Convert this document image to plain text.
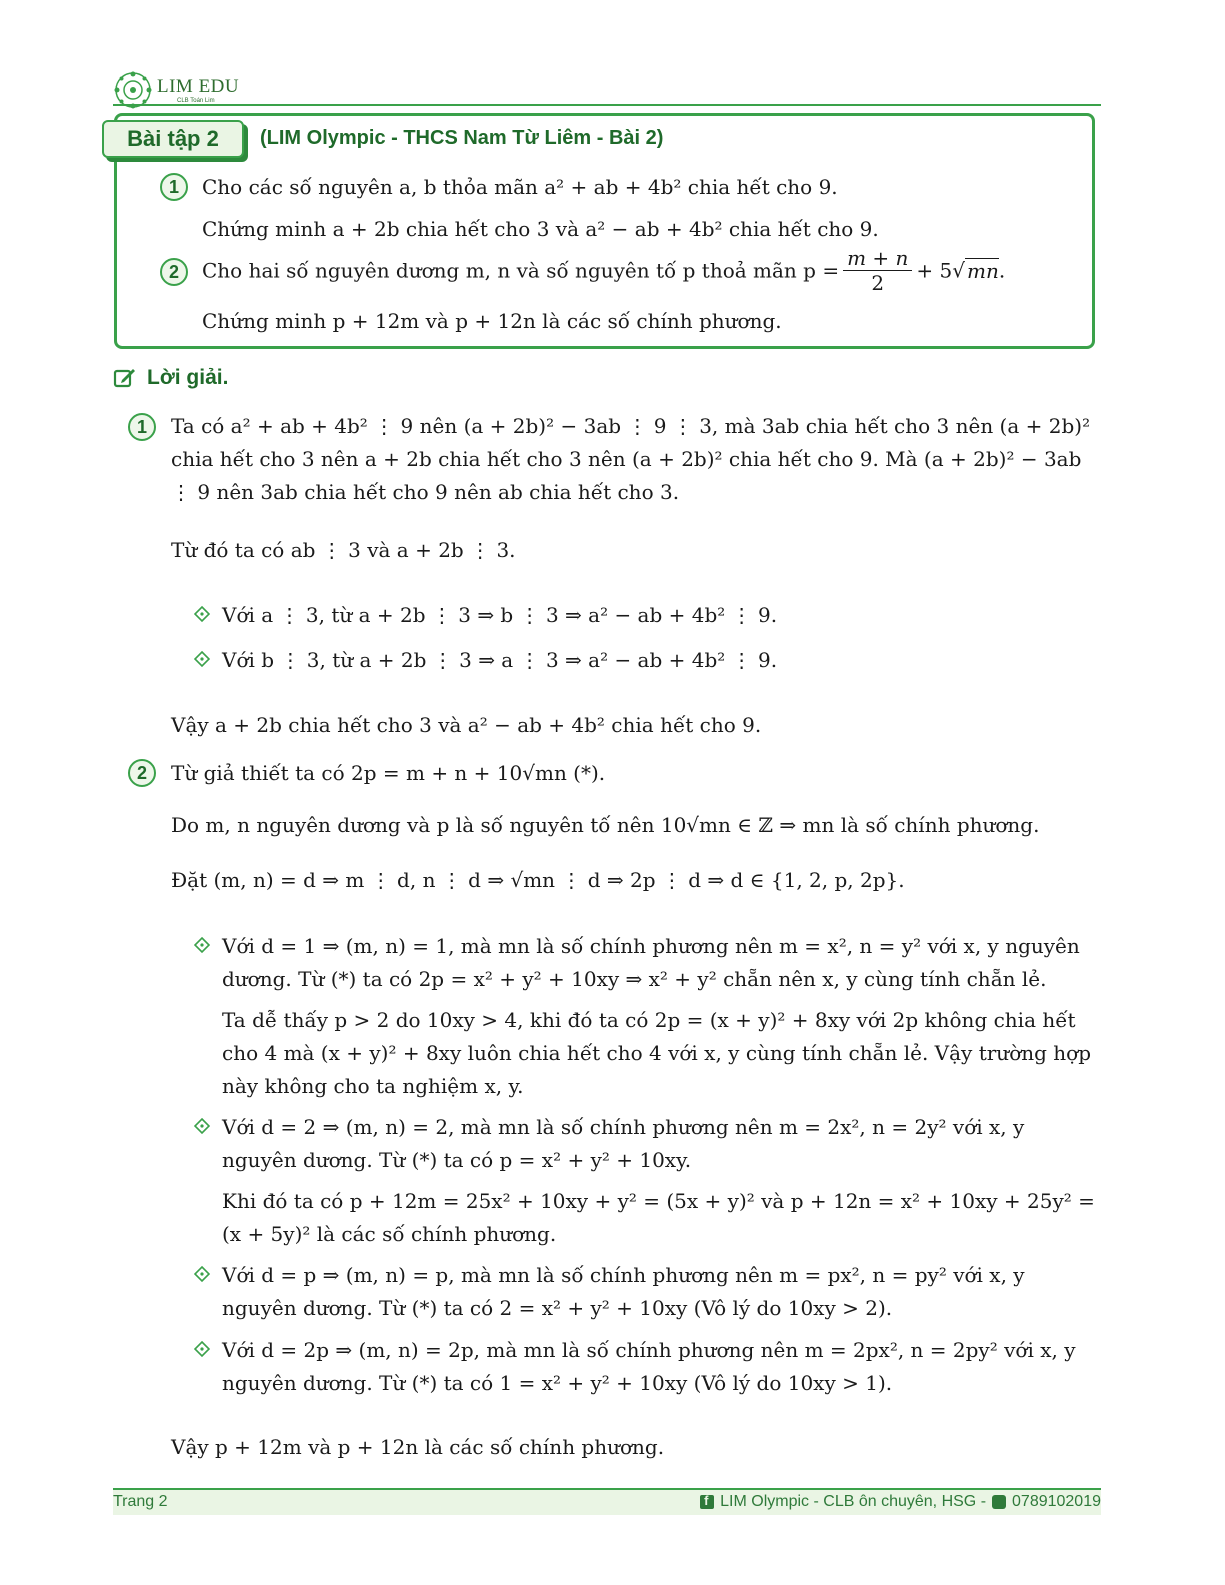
LIM EDU
CLB Toán Lim
Bài tập 2	(LIM Olympic - THCS Nam Từ Liêm - Bài 2)
1	Cho các số nguyên a, b thỏa mãn a² + ab + 4b² chia hết cho 9.
Chứng minh a + 2b chia hết cho 3 và a² − ab + 4b² chia hết cho 9.
2	Cho hai số nguyên dương m, n và số nguyên tố p thoả mãn $p = \frac{m + n}{2} + 5√$ mn.
Chứng minh p + 12m và p + 12n là các số chính phương.
Lời giải.
1	Ta có a² + ab + 4b² ⋮ 9 nên (a + 2b)² − 3ab ⋮ 9 ⋮ 3, mà 3ab chia hết cho 3 nên (a + 2b)² chia hết cho 3 nên a + 2b chia hết cho 3 nên (a + 2b)² chia hết cho 9. Mà (a + 2b)² − 3ab ⋮ 9 nên 3ab chia hết cho 9 nên ab chia hết cho 3.
Từ đó ta có ab ⋮ 3 và a + 2b ⋮ 3.
Với a ⋮ 3, từ a + 2b ⋮ 3 ⇒ b ⋮ 3 ⇒ a² − ab + 4b² ⋮ 9.
Với b ⋮ 3, từ a + 2b ⋮ 3 ⇒ a ⋮ 3 ⇒ a² − ab + 4b² ⋮ 9.
Vậy a + 2b chia hết cho 3 và a² − ab + 4b² chia hết cho 9.
2	Từ giả thiết ta có 2p = m + n + 10√mn (*).
Do m, n nguyên dương và p là số nguyên tố nên 10√mn ∈ ℤ ⇒ mn là số chính phương.
Đặt (m, n) = d ⇒ m ⋮ d, n ⋮ d ⇒ √mn ⋮ d ⇒ 2p ⋮ d ⇒ d ∈ {1, 2, p, 2p}.
Với d = 1 ⇒ (m, n) = 1, mà mn là số chính phương nên m = x², n = y² với x, y nguyên dương. Từ (*) ta có 2p = x² + y² + 10xy ⇒ x² + y² chẵn nên x, y cùng tính chẵn lẻ.
Ta dễ thấy p > 2 do 10xy > 4, khi đó ta có 2p = (x + y)² + 8xy với 2p không chia hết cho 4 mà (x + y)² + 8xy luôn chia hết cho 4 với x, y cùng tính chẵn lẻ. Vậy trường hợp này không cho ta nghiệm x, y.
Với d = 2 ⇒ (m, n) = 2, mà mn là số chính phương nên m = 2x², n = 2y² với x, y nguyên dương. Từ (*) ta có p = x² + y² + 10xy.
Khi đó ta có p + 12m = 25x² + 10xy + y² = (5x + y)² và p + 12n = x² + 10xy + 25y² = (x + 5y)² là các số chính phương.
Với d = p ⇒ (m, n) = p, mà mn là số chính phương nên m = px², n = py² với x, y nguyên dương. Từ (*) ta có 2 = x² + y² + 10xy (Vô lý do 10xy > 2).
Với d = 2p ⇒ (m, n) = 2p, mà mn là số chính phương nên m = 2px², n = 2py² với x, y nguyên dương. Từ (*) ta có 1 = x² + y² + 10xy (Vô lý do 10xy > 1).
Vậy p + 12m và p + 12n là các số chính phương.
Trang 2
f	LIM Olympic - CLB ôn chuyên, HSG - 0789102019
